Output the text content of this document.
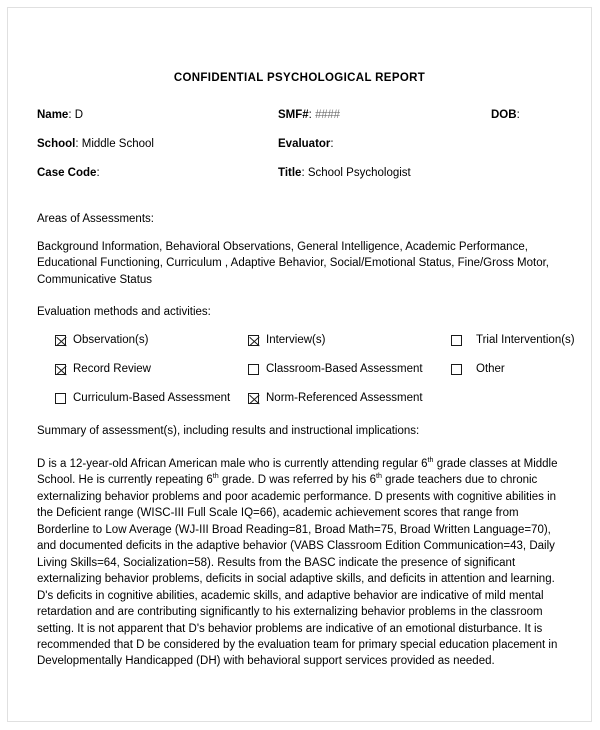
CONFIDENTIAL PSYCHOLOGICAL REPORT
Name: D	SMF#: ####	DOB:
School: Middle School	Evaluator:
Case Code:	Title: School Psychologist
Areas of Assessments:
Background Information, Behavioral Observations, General Intelligence, Academic Performance, Educational Functioning, Curriculum , Adaptive Behavior, Social/Emotional Status, Fine/Gross Motor, Communicative Status
Evaluation methods and activities:
Observation(s)	Interview(s)	Trial Intervention(s)
Record Review	Classroom-Based Assessment	Other
Curriculum-Based Assessment	Norm-Referenced Assessment
Summary of assessment(s), including results and instructional implications:
D is a 12-year-old African American male who is currently attending regular 6th grade classes at Middle School. He is currently repeating 6th grade. D was referred by his 6th grade teachers due to chronic externalizing behavior problems and poor academic performance. D presents with cognitive abilities in the Deficient range (WISC-III Full Scale IQ=66), academic achievement scores that range from Borderline to Low Average (WJ-III Broad Reading=81, Broad Math=75, Broad Written Language=70), and documented deficits in the adaptive behavior (VABS Classroom Edition Communication=43, Daily Living Skills=64, Socialization=58). Results from the BASC indicate the presence of significant externalizing behavior problems, deficits in social adaptive skills, and deficits in attention and learning. D's deficits in cognitive abilities, academic skills, and adaptive behavior are indicative of mild mental retardation and are contributing significantly to his externalizing behavior problems in the classroom setting. It is not apparent that D's behavior problems are indicative of an emotional disturbance. It is recommended that D be considered by the evaluation team for primary special education placement in Developmentally Handicapped (DH) with behavioral support services provided as needed.
